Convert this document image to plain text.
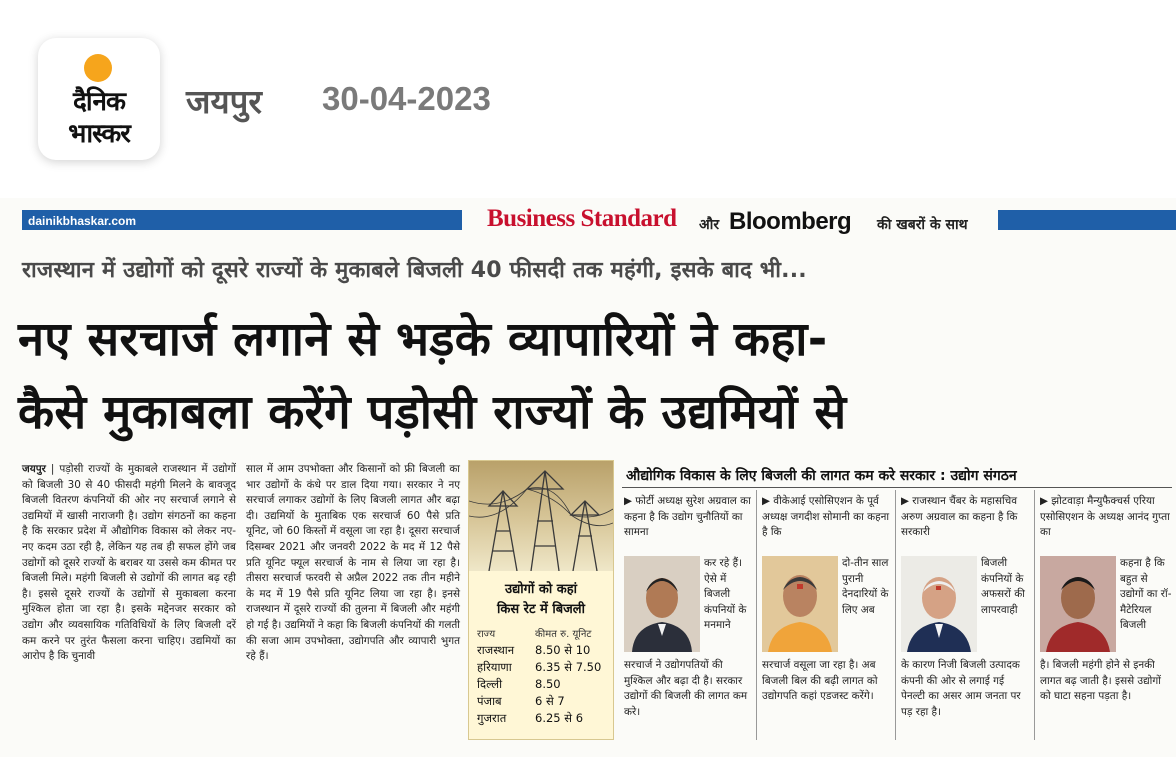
दैनिक
भास्कर
जयपुर 30-04-2023
dainikbhaskar.com	Business Standard और Bloomberg की खबरों के साथ
राजस्थान में उद्योगों को दूसरे राज्यों के मुकाबले बिजली 40 फीसदी तक महंगी, इसके बाद भी...
नए सरचार्ज लगाने से भड़के व्यापारियों ने कहा-
कैसे मुकाबला करेंगे पड़ोसी राज्यों के उद्यमियों से
जयपुर | पड़ोसी राज्यों के मुकाबले राजस्थान में उद्योगों को बिजली 30 से 40 फीसदी महंगी मिलने के बावजूद बिजली वितरण कंपनियों की ओर नए सरचार्ज लगाने से उद्यमियों में खासी नाराजगी है। उद्योग संगठनों का कहना है कि सरकार प्रदेश में औद्योगिक विकास को लेकर नए-नए कदम उठा रही है, लेकिन यह तब ही सफल होंगे जब उद्योगों को दूसरे राज्यों के बराबर या उससे कम कीमत पर बिजली मिले। महंगी बिजली से उद्योगों की लागत बढ़ रही है। इससे दूसरे राज्यों के उद्योगों से मुकाबला करना मुश्किल होता जा रहा है। इसके मद्देनजर सरकार को उद्योग और व्यवसायिक गतिविधियों के लिए बिजली दरें कम करने पर तुरंत फैसला करना चाहिए। उद्यमियों का आरोप है कि चुनावी
साल में आम उपभोक्ता और किसानों को फ्री बिजली का भार उद्योगों के कंधे पर डाल दिया गया। सरकार ने नए सरचार्ज लगाकर उद्योगों के लिए बिजली लागत और बढ़ा दी। उद्यमियों के मुताबिक एक सरचार्ज 60 पैसे प्रति यूनिट, जो 60 किस्तों में वसूला जा रहा है। दूसरा सरचार्ज दिसम्बर 2021 और जनवरी 2022 के मद में 12 पैसे प्रति यूनिट फ्यूल सरचार्ज के नाम से लिया जा रहा है। तीसरा सरचार्ज फरवरी से अप्रैल 2022 तक तीन महीने के मद में 19 पैसे प्रति यूनिट लिया जा रहा है। इनसे राजस्थान में दूसरे राज्यों की तुलना में बिजली और महंगी हो गई है। उद्यमियों ने कहा कि बिजली कंपनियों की गलती की सजा आम उपभोक्ता, उद्योगपति और व्यापारी भुगत रहे हैं।
उद्योगों को कहां
किस रेट में बिजली
राज्य	कीमत रु. यूनिट
राजस्थान 8.50 से 10
हरियाणा 6.35 से 7.50
दिल्ली	8.50
पंजाब	6 से 7
गुजरात	6.25 से 6
औद्योगिक विकास के लिए बिजली की लागत कम करे सरकार : उद्योग संगठन
▶ फोर्टी अध्यक्ष सुरेश अग्रवाल का कहना है कि उद्योग चुनौतियों का सामना
कर रहे हैं। ऐसे में बिजली कंपनियों के मनमाने
सरचार्ज ने उद्योगपतियों की मुश्किल और बढ़ा दी है। सरकार उद्योगों की बिजली की लागत कम करे।
▶ वीकेआई एसोसिएशन के पूर्व अध्यक्ष जगदीश सोमानी का कहना है कि
दो-तीन साल पुरानी देनदारियों के लिए अब
सरचार्ज वसूला जा रहा है। अब बिजली बिल की बढ़ी लागत को उद्योगपति कहां एडजस्ट करेंगे।
▶ राजस्थान चैंबर के महासचिव अरुण अग्रवाल का कहना है कि सरकारी
बिजली कंपनियों के अफसरों की लापरवाही
के कारण निजी बिजली उत्पादक कंपनी की ओर से लगाई गई पेनल्टी का असर आम जनता पर पड़ रहा है।
▶ झोटवाड़ा मैन्युफैक्चर्स एरिया एसोसिएशन के अध्यक्ष आनंद गुप्ता का
कहना है कि बहुत से उद्योगों का रॉ-मैटेरियल बिजली
है। बिजली महंगी होने से इनकी लागत बढ़ जाती है। इससे उद्योगों को घाटा सहना पड़ता है।
